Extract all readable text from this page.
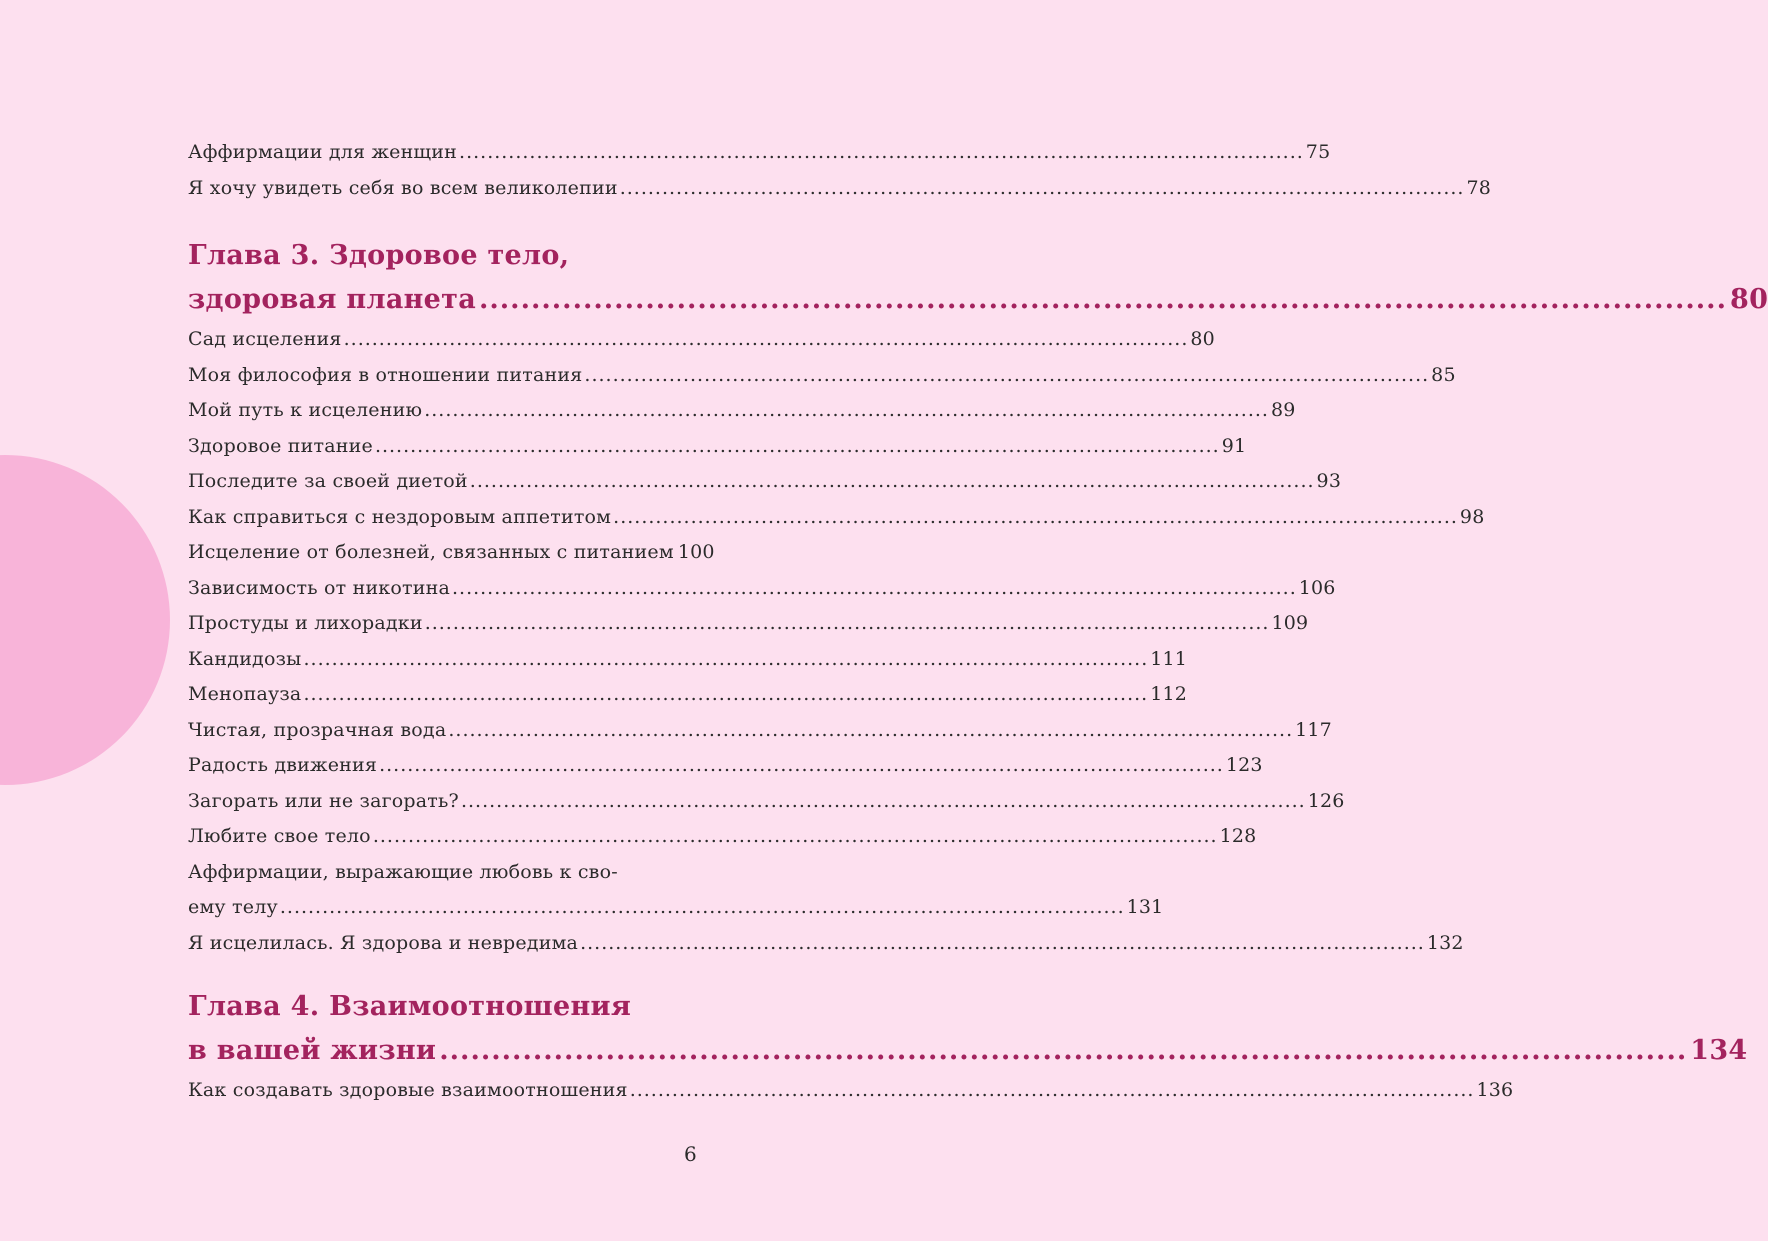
Аффирмации для женщин ........................................................................................................................ 75
Я хочу увидеть себя во всем великолепии ........................................................................................................................ 78
Глава 3. Здоровое тело,
здоровая планета ........................................................................................................................ 80
Сад исцеления ........................................................................................................................ 80
Моя философия в отношении питания ........................................................................................................................ 85
Мой путь к исцелению ........................................................................................................................ 89
Здоровое питание ........................................................................................................................ 91
Последите за своей диетой ........................................................................................................................ 93
Как справиться с нездоровым аппетитом ........................................................................................................................ 98
Исцеление от болезней, связанных с питанием 100
Зависимость от никотина ........................................................................................................................ 106
Простуды и лихорадки ........................................................................................................................ 109
Кандидозы ........................................................................................................................ 111
Менопауза ........................................................................................................................ 112
Чистая, прозрачная вода ........................................................................................................................ 117
Радость движения ........................................................................................................................ 123
Загорать или не загорать? ........................................................................................................................ 126
Любите свое тело ........................................................................................................................ 128
Аффирмации, выражающие любовь к сво-
ему телу ........................................................................................................................ 131
Я исцелилась. Я здорова и невредима ........................................................................................................................ 132
Глава 4. Взаимоотношения
в вашей жизни ........................................................................................................................ 134
Как создавать здоровые взаимоотношения ........................................................................................................................ 136
6
